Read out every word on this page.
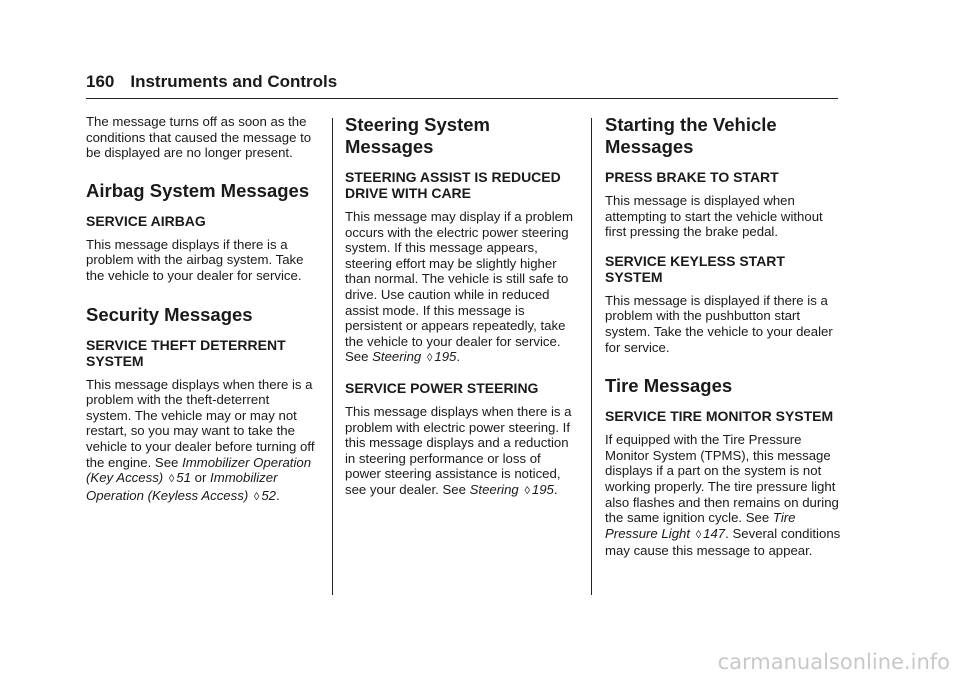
160 Instruments and Controls

The message turns off as soon as the conditions that caused the message to be displayed are no longer present.

Airbag System Messages
SERVICE AIRBAG

This message displays if there is a problem with the airbag system. Take the vehicle to your dealer for service.

Security Messages
SERVICE THEFT DETERRENT SYSTEM

This message displays when there is a problem with the theft-deterrent system. The vehicle may or may not restart, so you may want to take the vehicle to your dealer before turning off the engine. See Immobilizer Operation (Key Access) ◊ 51 or Immobilizer Operation (Keyless Access) ◊ 52.

Steering System Messages
STEERING ASSIST IS REDUCED DRIVE WITH CARE

This message may display if a problem occurs with the electric power steering system. If this message appears, steering effort may be slightly higher than normal. The vehicle is still safe to drive. Use caution while in reduced assist mode. If this message is persistent or appears repeatedly, take the vehicle to your dealer for service. See Steering ◊ 195.

SERVICE POWER STEERING

This message displays when there is a problem with electric power steering. If this message displays and a reduction in steering performance or loss of power steering assistance is noticed, see your dealer. See Steering ◊ 195.

Starting the Vehicle Messages
PRESS BRAKE TO START

This message is displayed when attempting to start the vehicle without first pressing the brake pedal.

SERVICE KEYLESS START SYSTEM

This message is displayed if there is a problem with the pushbutton start system. Take the vehicle to your dealer for service.

Tire Messages
SERVICE TIRE MONITOR SYSTEM

If equipped with the Tire Pressure Monitor System (TPMS), this message displays if a part on the system is not working properly. The tire pressure light also flashes and then remains on during the same ignition cycle. See Tire Pressure Light ◊ 147. Several conditions may cause this message to appear.

carmanualsonline.info
